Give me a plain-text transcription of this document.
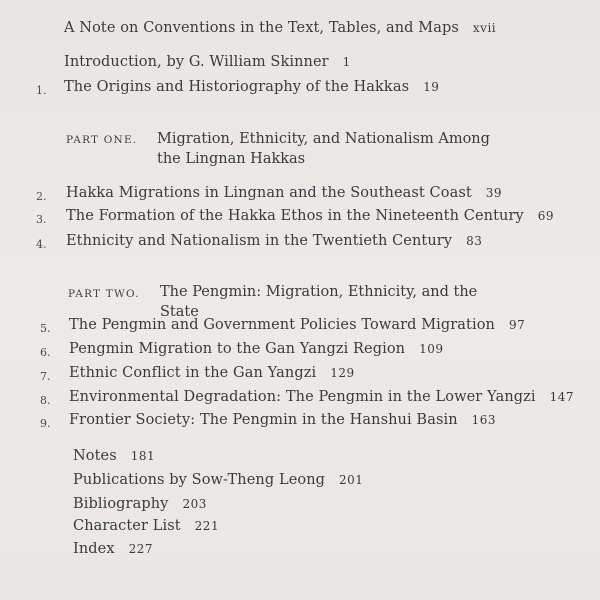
A Note on Conventions in the Text, Tables, and Maps xvii
Introduction, by G. William Skinner 1
1. The Origins and Historiography of the Hakkas 19
PART ONE. Migration, Ethnicity, and Nationalism Among the Lingnan Hakkas
2. Hakka Migrations in Lingnan and the Southeast Coast 39
3. The Formation of the Hakka Ethos in the Nineteenth Century 69
4. Ethnicity and Nationalism in the Twentieth Century 83
PART TWO. The Pengmin: Migration, Ethnicity, and the State
5. The Pengmin and Government Policies Toward Migration 97
6. Pengmin Migration to the Gan Yangzi Region 109
7. Ethnic Conflict in the Gan Yangzi 129
8. Environmental Degradation: The Pengmin in the Lower Yangzi 147
9. Frontier Society: The Pengmin in the Hanshui Basin 163
Notes 181
Publications by Sow-Theng Leong 201
Bibliography 203
Character List 221
Index 227
